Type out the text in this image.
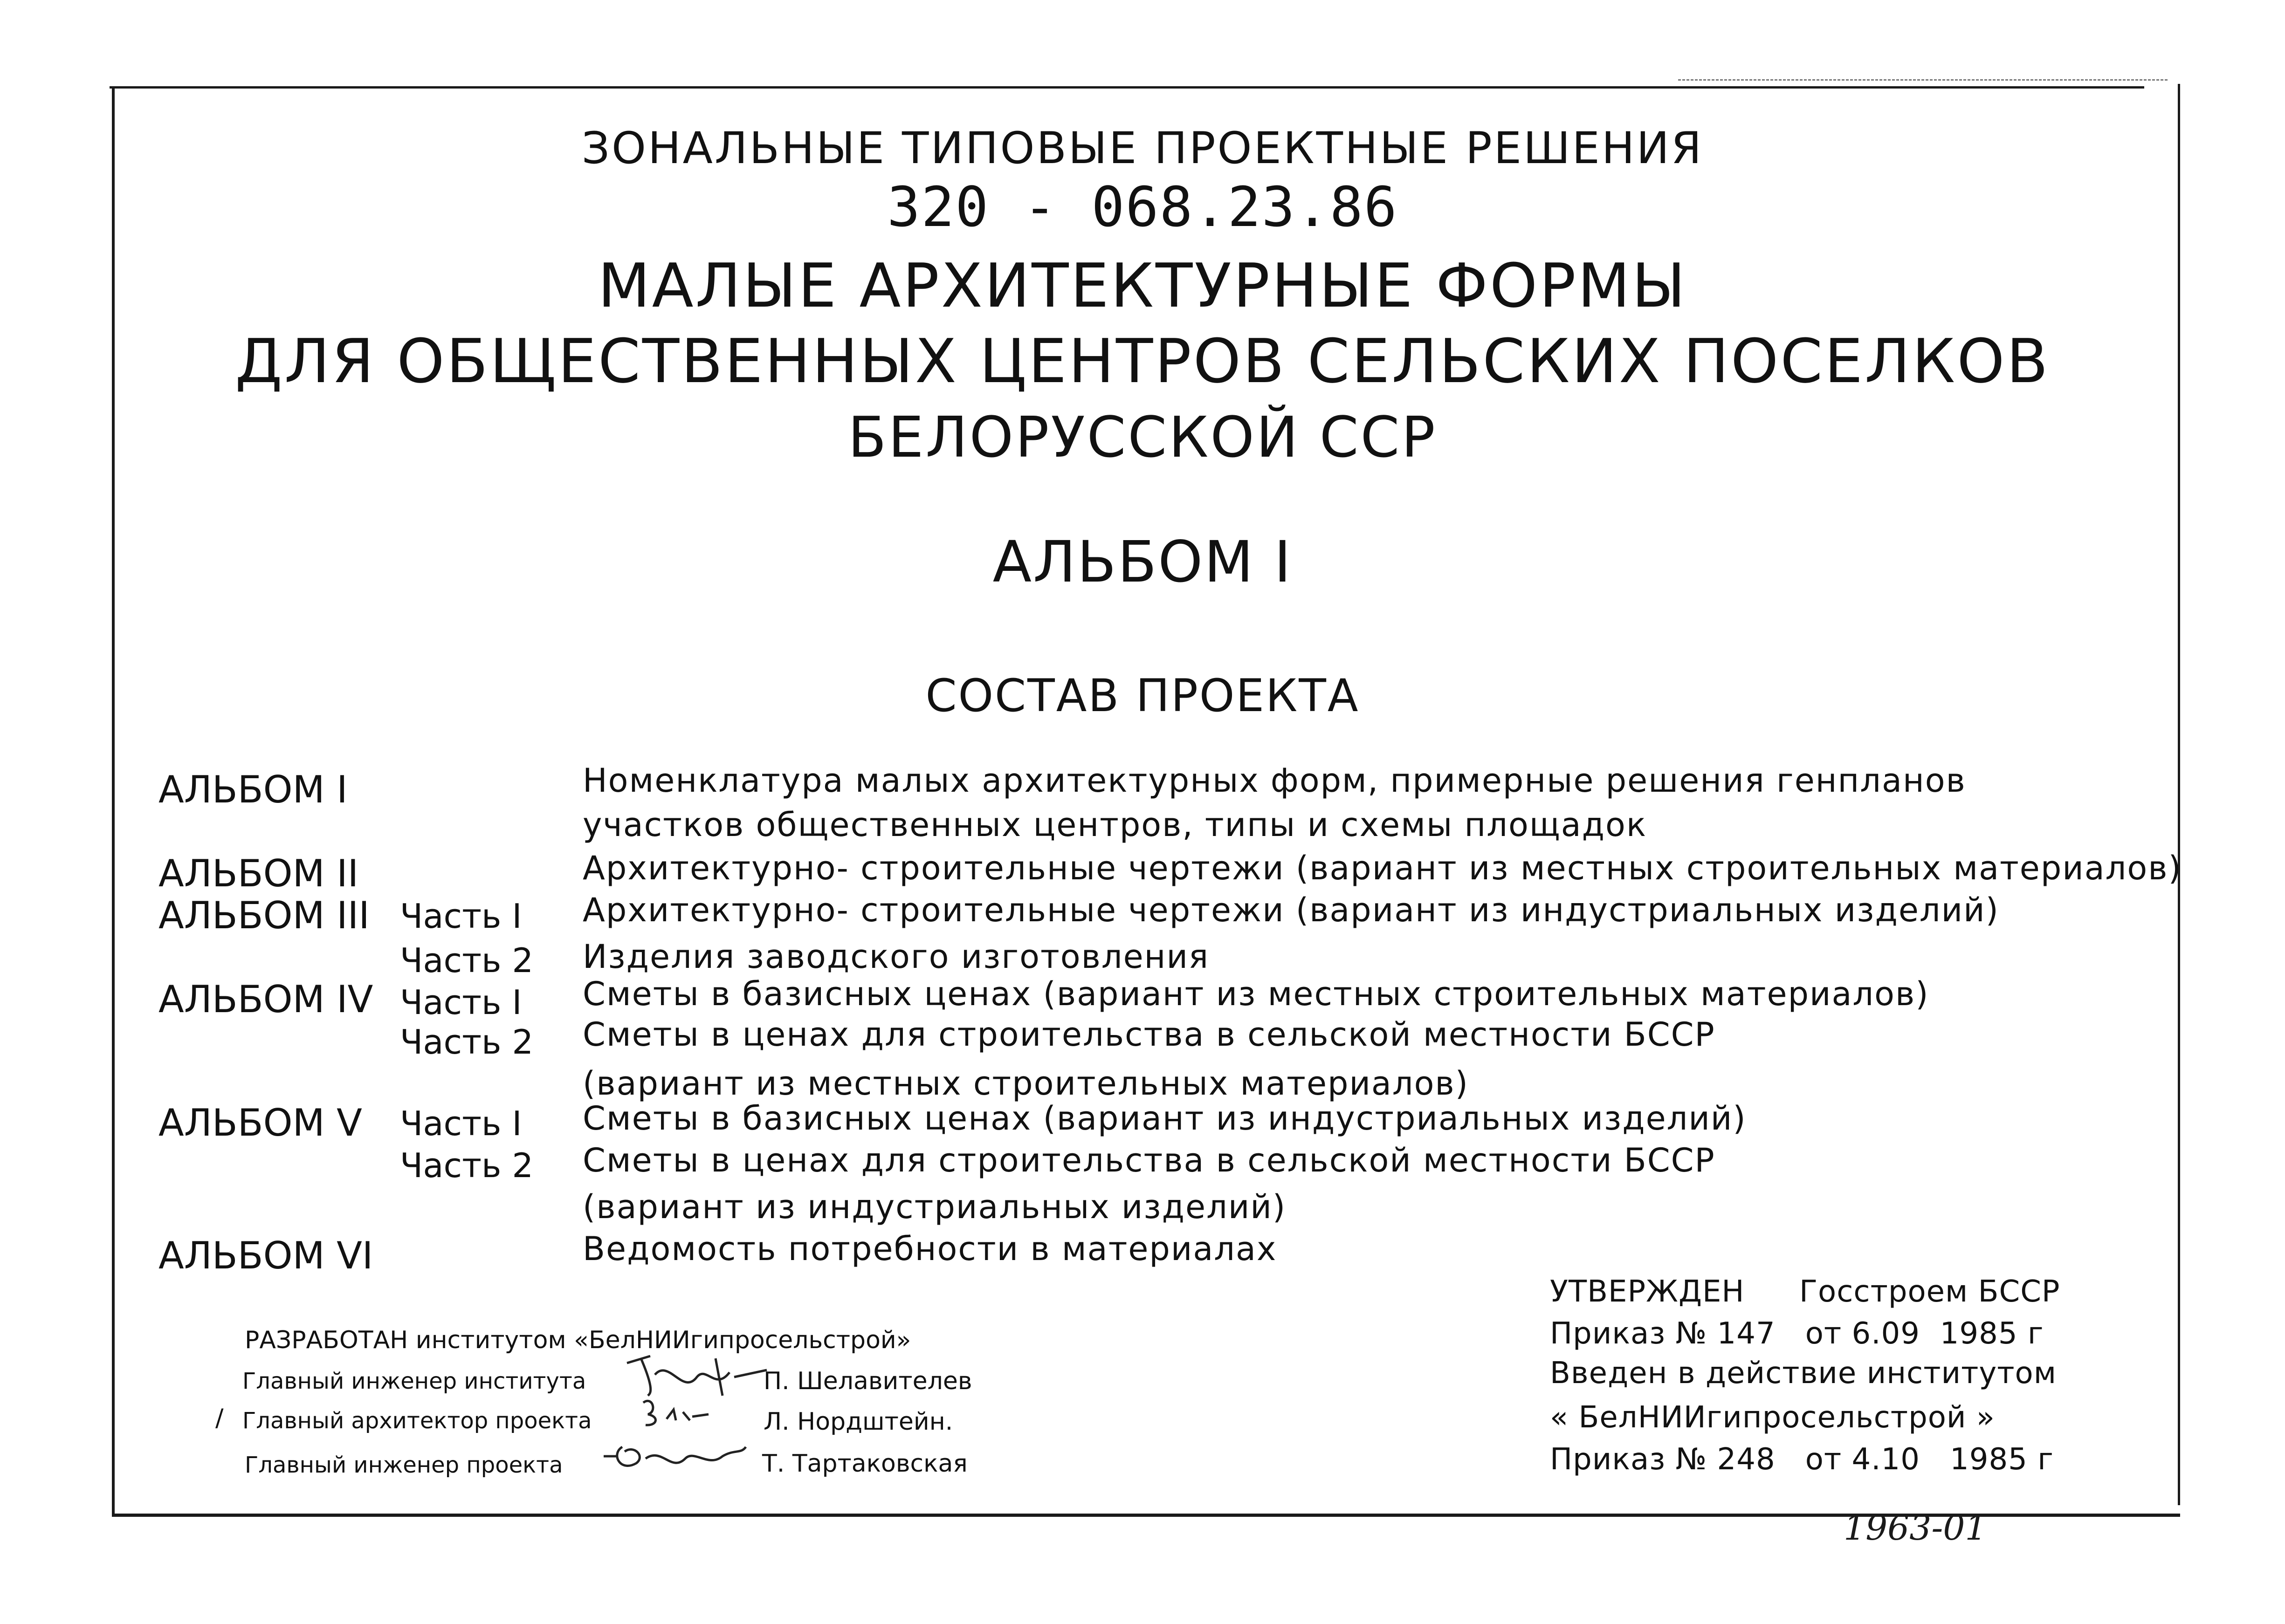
ЗОНАЛЬНЫЕ ТИПОВЫЕ ПРОЕКТНЫЕ РЕШЕНИЯ
320 - 068.23.86
МАЛЫЕ АРХИТЕКТУРНЫЕ ФОРМЫ
ДЛЯ ОБЩЕСТВЕННЫХ ЦЕНТРОВ СЕЛЬСКИХ ПОСЕЛКОВ
БЕЛОРУССКОЙ ССР
АЛЬБОМ I
СОСТАВ ПРОЕКТА
АЛЬБОМ I	Номенклатура малых архитектурных форм, примерные решения генпланов
участков общественных центров, типы и схемы площадок
АЛЬБОМ II	Архитектурно- строительные чертежи (вариант из местных строительных материалов)
АЛЬБОМ III Часть I Архитектурно- строительные чертежи (вариант из индустриальных изделий)
Часть 2 Изделия заводского изготовления
АЛЬБОМ IV Часть I Сметы в базисных ценах (вариант из местных строительных материалов)
Часть 2 Сметы в ценах для строительства в сельской местности БССР
(вариант из местных строительных материалов)
АЛЬБОМ V Часть I Сметы в базисных ценах (вариант из индустриальных изделий)
Часть 2 Сметы в ценах для строительства в сельской местности БССР
(вариант из индустриальных изделий)
АЛЬБОМ VI	Ведомость потребности в материалах
УТВЕРЖДЕН Госстроем БССР
Приказ № 147   от 6.09  1985 г
Введен в действие институтом
« БелНИИгипросельстрой »
Приказ № 248   от 4.10   1985 г
РАЗРАБОТАН институтом «БелНИИгипросельстрой»
Главный инженер института	П. Шелавителев
/ Главный архитектор проекта	Л. Нордштейн.
Главный инженер проекта	Т. Тартаковская
1963-01
